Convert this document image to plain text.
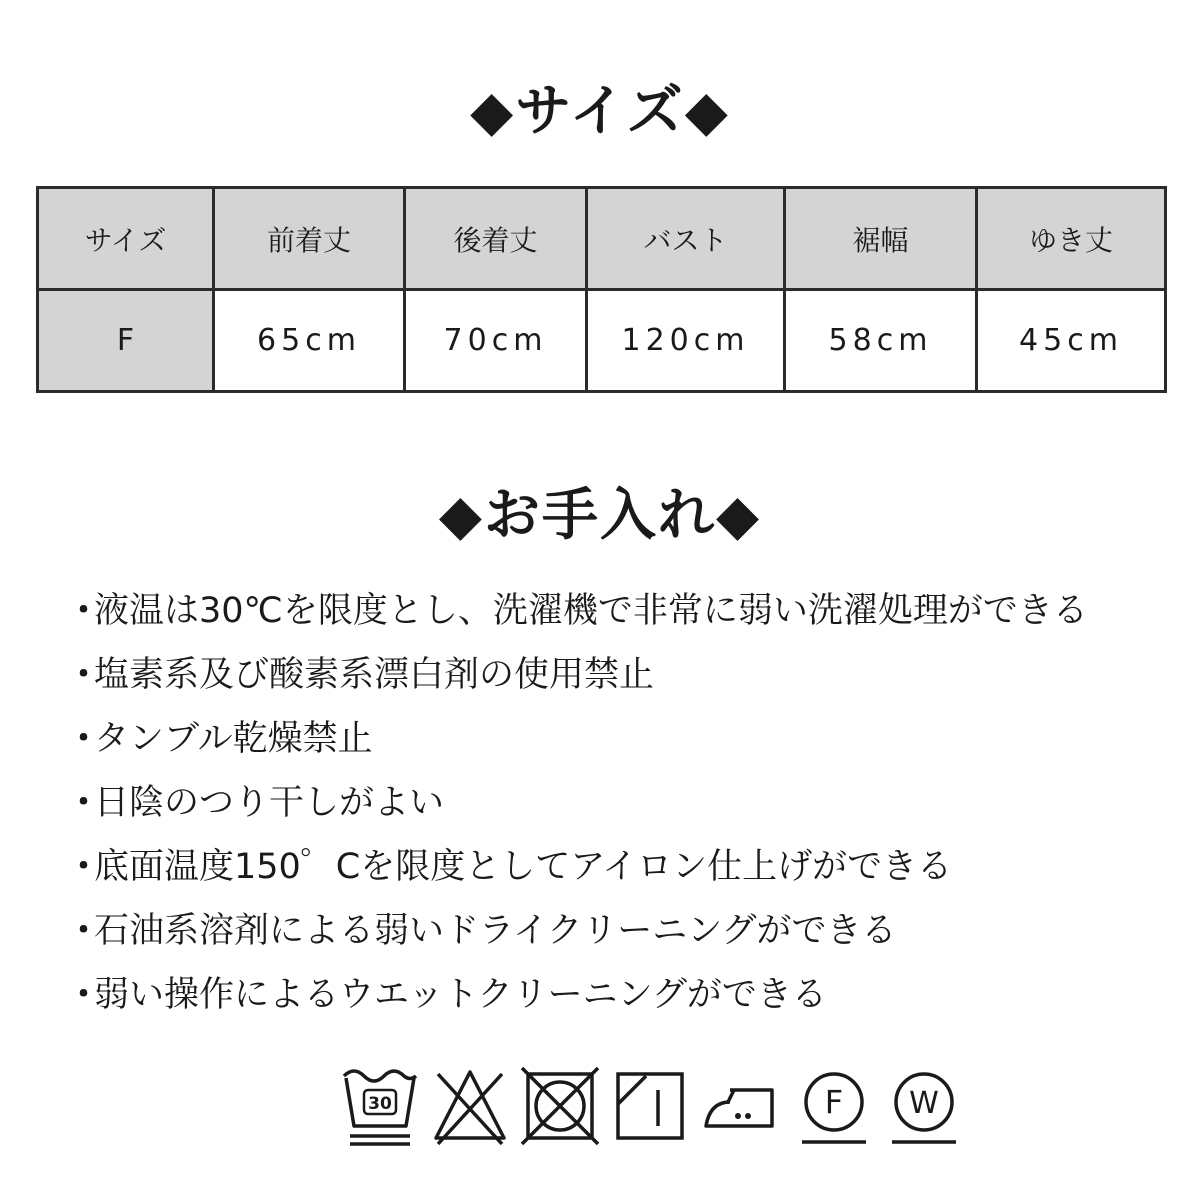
◆サイズ◆
サイズ	前着丈	後着丈	バスト	裾幅	ゆき丈
F	65cm	70cm	120cm	58cm	45cm
◆お手入れ◆
・液温は30℃を限度とし、洗濯機で非常に弱い洗濯処理ができる
・塩素系及び酸素系漂白剤の使用禁止
・タンブル乾燥禁止
・日陰のつり干しがよい
・底面温度150゜Cを限度としてアイロン仕上げができる
・石油系溶剤による弱いドライクリーニングができる
・弱い操作によるウエットクリーニングができる
30	F W
